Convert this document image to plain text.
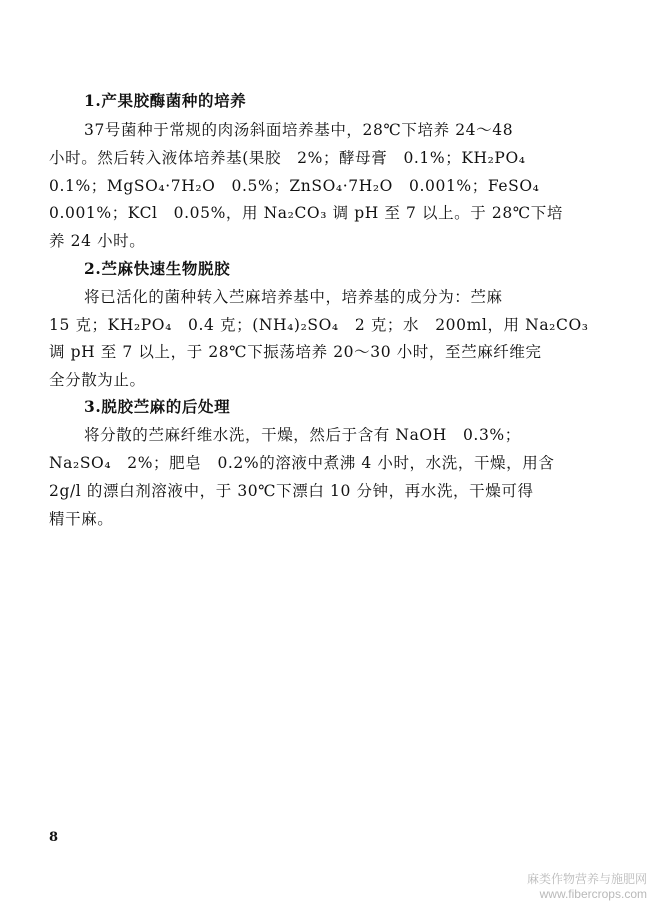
1.产果胶酶菌种的培养
37号菌种于常规的肉汤斜面培养基中，28℃下培养 24～48
小时。然后转入液体培养基(果胶　2%；酵母膏　0.1%；KH₂PO₄
0.1%；MgSO₄·7H₂O　0.5%；ZnSO₄·7H₂O　0.001%；FeSO₄
0.001%；KCl　0.05%，用 Na₂CO₃ 调 pH 至 7 以上。于 28℃下培
养 24 小时。
2.苎麻快速生物脱胶
将已活化的菌种转入苎麻培养基中，培养基的成分为：苎麻
15 克；KH₂PO₄　0.4 克；(NH₄)₂SO₄　2 克；水　200ml，用 Na₂CO₃
调 pH 至 7 以上，于 28℃下振荡培养 20～30 小时，至苎麻纤维完
全分散为止。
3.脱胶苎麻的后处理
将分散的苎麻纤维水洗，干燥，然后于含有 NaOH　0.3%；
Na₂SO₄　2%；肥皂　0.2%的溶液中煮沸 4 小时，水洗，干燥，用含
2g/l 的漂白剂溶液中，于 30℃下漂白 10 分钟，再水洗，干燥可得
精干麻。
8
麻类作物营养与施肥网
www.fibercrops.com
